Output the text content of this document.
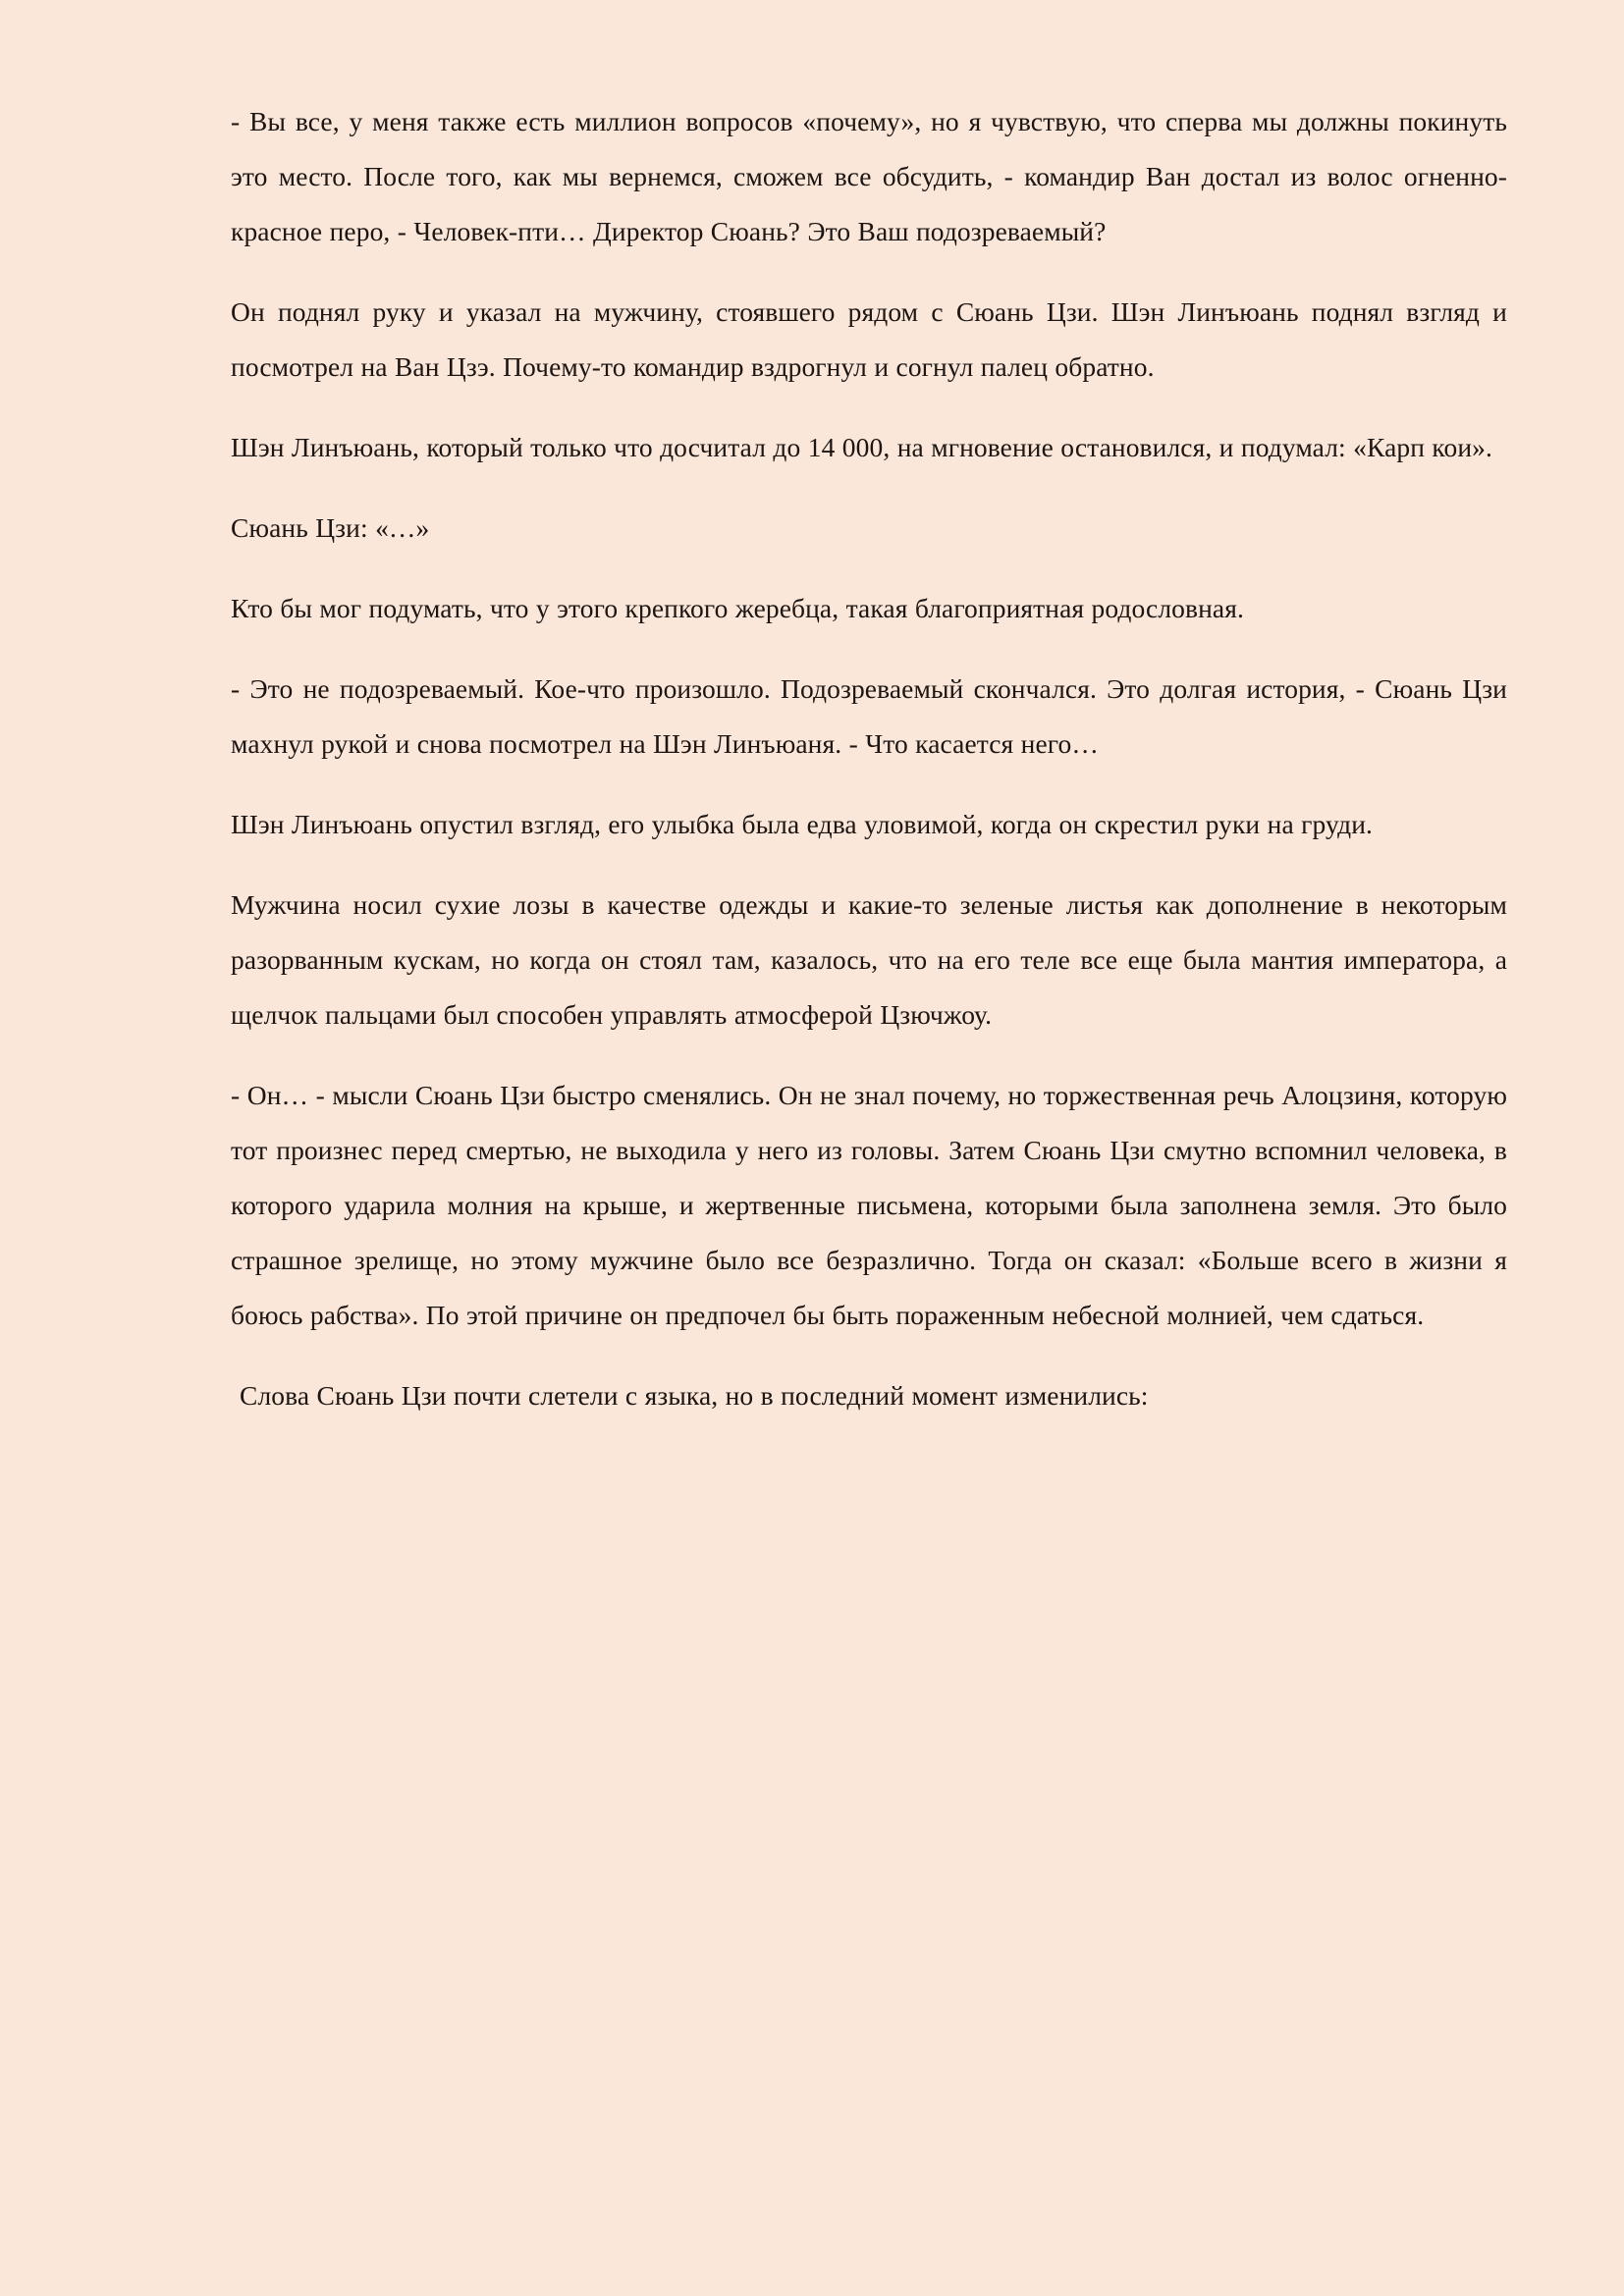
- Вы все, у меня также есть миллион вопросов «почему», но я чувствую, что сперва мы должны покинуть это место. После того, как мы вернемся, сможем все обсудить, - командир Ван достал из волос огненно-красное перо, - Человек-пти… Директор Сюань? Это Ваш подозреваемый?

Он поднял руку и указал на мужчину, стоявшего рядом с Сюань Цзи. Шэн Линъюань поднял взгляд и посмотрел на Ван Цзэ. Почему-то командир вздрогнул и согнул палец обратно.

Шэн Линъюань, который только что досчитал до 14 000, на мгновение остановился, и подумал: «Карп кои».

Сюань Цзи: «…»

Кто бы мог подумать, что у этого крепкого жеребца, такая благоприятная родословная.

- Это не подозреваемый. Кое-что произошло. Подозреваемый скончался. Это долгая история, - Сюань Цзи махнул рукой и снова посмотрел на Шэн Линъюаня. - Что касается него…

Шэн Линъюань опустил взгляд, его улыбка была едва уловимой, когда он скрестил руки на груди.

Мужчина носил сухие лозы в качестве одежды и какие-то зеленые листья как дополнение в некоторым разорванным кускам, но когда он стоял там, казалось, что на его теле все еще была мантия императора, а щелчок пальцами был способен управлять атмосферой Цзючжоу.

- Он… - мысли Сюань Цзи быстро сменялись. Он не знал почему, но торжественная речь Алоцзиня, которую тот произнес перед смертью, не выходила у него из головы. Затем Сюань Цзи смутно вспомнил человека, в которого ударила молния на крыше, и жертвенные письмена, которыми была заполнена земля. Это было страшное зрелище, но этому мужчине было все безразлично. Тогда он сказал: «Больше всего в жизни я боюсь рабства». По этой причине он предпочел бы быть пораженным небесной молнией, чем сдаться.

Слова Сюань Цзи почти слетели с языка, но в последний момент изменились:
